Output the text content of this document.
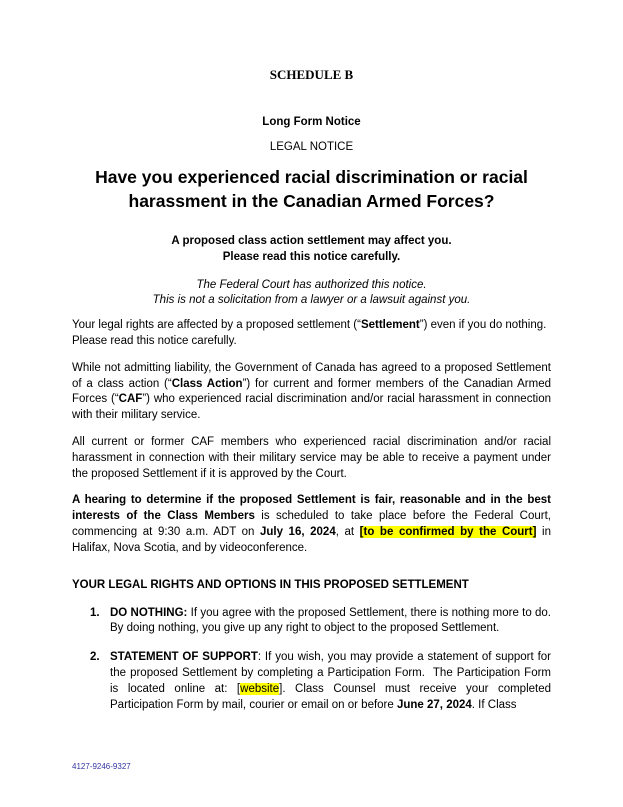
SCHEDULE B
Long Form Notice
LEGAL NOTICE
Have you experienced racial discrimination or racial harassment in the Canadian Armed Forces?
A proposed class action settlement may affect you.
Please read this notice carefully.
The Federal Court has authorized this notice.
This is not a solicitation from a lawyer or a lawsuit against you.

Your legal rights are affected by a proposed settlement (“Settlement”) even if you do nothing. Please read this notice carefully.

While not admitting liability, the Government of Canada has agreed to a proposed Settlement of a class action (“Class Action”) for current and former members of the Canadian Armed Forces (“CAF”) who experienced racial discrimination and/or racial harassment in connection with their military service.

All current or former CAF members who experienced racial discrimination and/or racial harassment in connection with their military service may be able to receive a payment under the proposed Settlement if it is approved by the Court.

A hearing to determine if the proposed Settlement is fair, reasonable and in the best interests of the Class Members is scheduled to take place before the Federal Court, commencing at 9:30 a.m. ADT on July 16, 2024, at [to be confirmed by the Court] in Halifax, Nova Scotia, and by videoconference.

YOUR LEGAL RIGHTS AND OPTIONS IN THIS PROPOSED SETTLEMENT
1. DO NOTHING: If you agree with the proposed Settlement, there is nothing more to do. By doing nothing, you give up any right to object to the proposed Settlement.
2. STATEMENT OF SUPPORT: If you wish, you may provide a statement of support for the proposed Settlement by completing a Participation Form.  The Participation Form is located online at: [website]. Class Counsel must receive your completed Participation Form by mail, courier or email on or before June 27, 2024. If Class
4127-9246-9327
